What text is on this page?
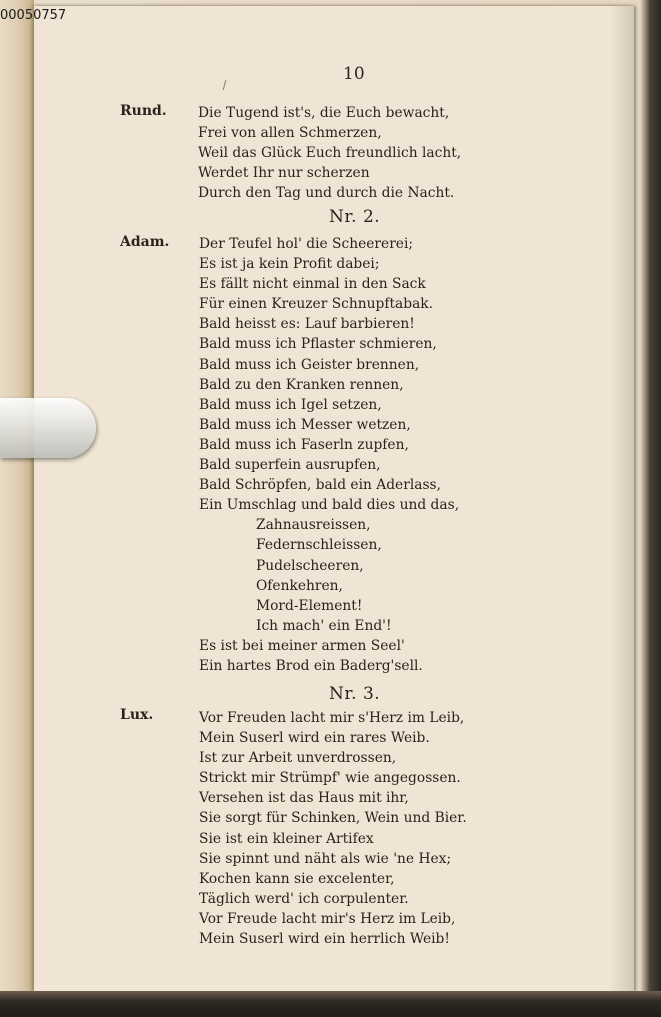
00050757
10
Rund. Die Tugend ist's, die Euch bewacht,
Frei von allen Schmerzen,
Weil das Glück Euch freundlich lacht,
Werdet Ihr nur scherzen
Durch den Tag und durch die Nacht.
Nr. 2.
Adam. Der Teufel hol' die Scheererei;
Es ist ja kein Profit dabei;
Es fällt nicht einmal in den Sack
Für einen Kreuzer Schnupftabak.
Bald heisst es: Lauf barbieren!
Bald muss ich Pflaster schmieren,
Bald muss ich Geister brennen,
Bald zu den Kranken rennen,
Bald muss ich Igel setzen,
Bald muss ich Messer wetzen,
Bald muss ich Faserln zupfen,
Bald superfein ausrupfen,
Bald Schröpfen, bald ein Aderlass,
Ein Umschlag und bald dies und das,
Zahnausreissen,
Federnschleissen,
Pudelscheeren,
Ofenkehren,
Mord-Element!
Ich mach' ein End'!
Es ist bei meiner armen Seel'
Ein hartes Brod ein Baderg'sell.
Nr. 3.
Lux.	Vor Freuden lacht mir s'Herz im Leib,
Mein Suserl wird ein rares Weib.
Ist zur Arbeit unverdrossen,
Strickt mir Strümpf' wie angegossen.
Versehen ist das Haus mit ihr,
Sie sorgt für Schinken, Wein und Bier.
Sie ist ein kleiner Artifex
Sie spinnt und näht als wie 'ne Hex;
Kochen kann sie excelenter,
Täglich werd' ich corpulenter.
Vor Freude lacht mir's Herz im Leib,
Mein Suserl wird ein herrlich Weib!
